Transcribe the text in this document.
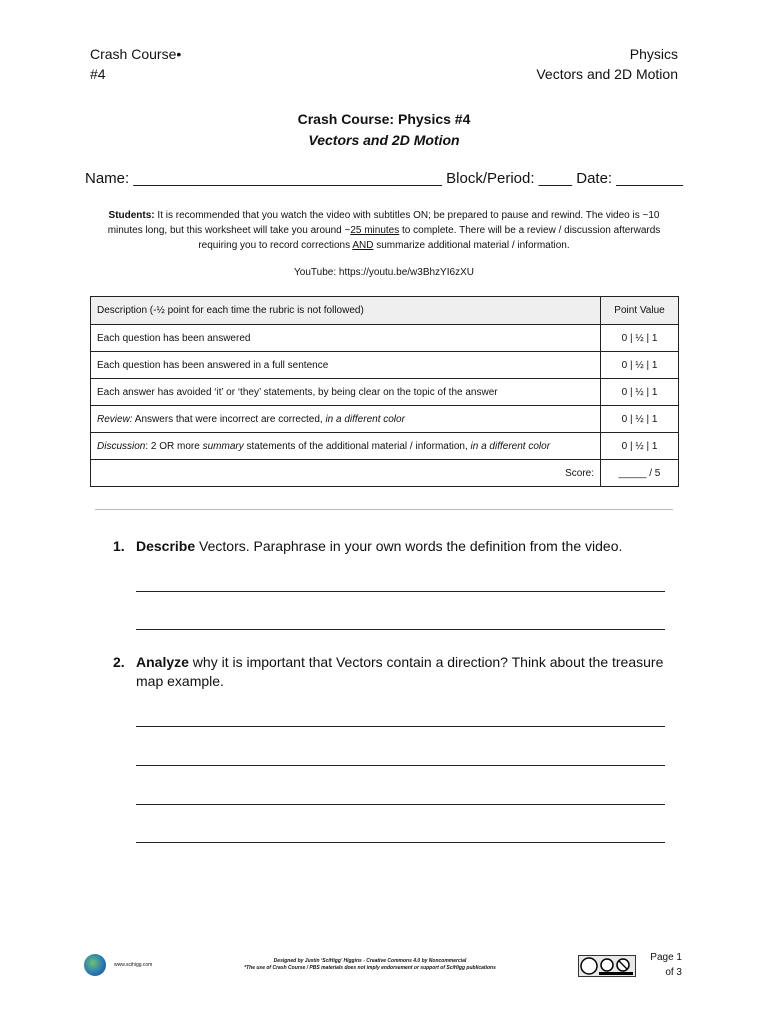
Crash Course•
#4
Physics
Vectors and 2D Motion
Crash Course: Physics #4
Vectors and 2D Motion
Name: _____________________________________ Block/Period: ____ Date: ________
Students: It is recommended that you watch the video with subtitles ON; be prepared to pause and rewind. The video is ~10 minutes long, but this worksheet will take you around ~25 minutes to complete. There will be a review / discussion afterwards requiring you to record corrections AND summarize additional material / information.
YouTube: https://youtu.be/w3BhzYI6zXU
Description (-½ point for each time the rubric is not followed)	Point Value
Each question has been answered	0 | ½ | 1
Each question has been answered in a full sentence	0 | ½ | 1
Each answer has avoided ‘it’ or ‘they’ statements, by being clear on the topic of the answer	0 | ½ | 1
Review: Answers that were incorrect are corrected, in a different color	0 | ½ | 1
Discussion: 2 OR more summary statements of the additional material / information, in a different color	0 | ½ | 1
Score:	_____ / 5
1. Describe Vectors. Paraphrase in your own words the definition from the video.
2. Analyze why it is important that Vectors contain a direction? Think about the treasure map example.
www.scihigg.com
Designed by Justin ‘SciHigg’ Higgins - Creative Commons 4.0 by Noncommercial
*The use of Crash Course / PBS materials does not imply endorsement or support of SciHigg publications
Page 1
of 3
